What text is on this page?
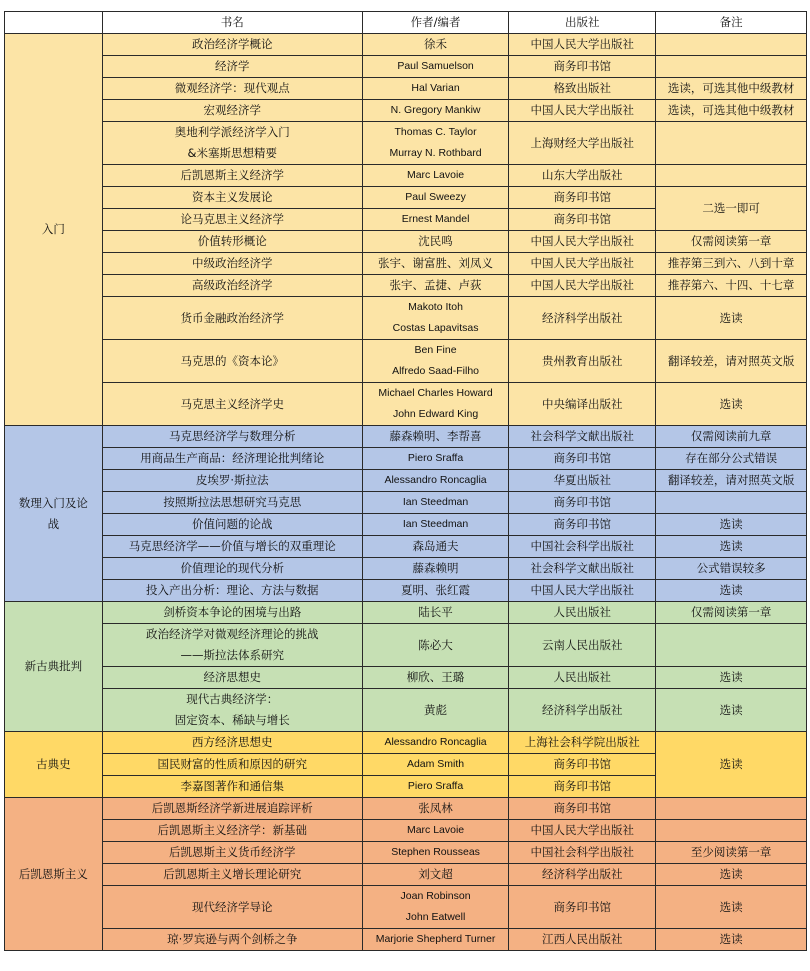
	书名	作者/编者	出版社	备注
入门	政治经济学概论	徐禾	中国人民大学出版社	

	经济学	Paul Samuelson	商务印书馆	

	微观经济学：现代观点	Hal Varian	格致出版社	选读，可选其他中级教材

	宏观经济学	N. Gregory Mankiw	中国人民大学出版社	选读，可选其他中级教材

	奥地利学派经济学入门
&米塞斯思想精要	Thomas C. Taylor
Murray N. Rothbard	上海财经大学出版社	

	后凯恩斯主义经济学	Marc Lavoie	山东大学出版社	

	资本主义发展论	Paul Sweezy	商务印书馆	二选一即可

	论马克思主义经济学	Ernest Mandel	商务印书馆	

	价值转形概论	沈民鸣	中国人民大学出版社	仅需阅读第一章

	中级政治经济学	张宇、谢富胜、刘凤义	中国人民大学出版社	推荐第三到六、八到十章

	高级政治经济学	张宇、孟捷、卢荻	中国人民大学出版社	推荐第六、十四、十七章

	货币金融政治经济学	Makoto Itoh
Costas Lapavitsas	经济科学出版社	选读

	马克思的《资本论》	Ben Fine
Alfredo Saad-Filho	贵州教育出版社	翻译较差，请对照英文版

	马克思主义经济学史	Michael Charles Howard
John Edward King	中央编译出版社	选读

数理入门及论
战	马克思经济学与数理分析	藤森赖明、李帮喜	社会科学文献出版社	仅需阅读前九章

	用商品生产商品：经济理论批判绪论	Piero Sraffa	商务印书馆	存在部分公式错误

	皮埃罗·斯拉法	Alessandro Roncaglia	华夏出版社	翻译较差，请对照英文版

	按照斯拉法思想研究马克思	Ian Steedman	商务印书馆	

	价值问题的论战	Ian Steedman	商务印书馆	选读

	马克思经济学——价值与增长的双重理论	森岛通夫	中国社会科学出版社	选读

	价值理论的现代分析	藤森赖明	社会科学文献出版社	公式错误较多

	投入产出分析：理论、方法与数据	夏明、张红霞	中国人民大学出版社	选读
新古典批判	剑桥资本争论的困境与出路	陆长平	人民出版社	仅需阅读第一章

	政治经济学对微观经济理论的挑战
——斯拉法体系研究	陈必大	云南人民出版社	

	经济思想史	柳欣、王璐	人民出版社	选读

	现代古典经济学：
固定资本、稀缺与增长	黄彪	经济科学出版社	选读
古典史	西方经济思想史	Alessandro Roncaglia	上海社会科学院出版社	选读

	国民财富的性质和原因的研究	Adam Smith	商务印书馆	

	李嘉图著作和通信集	Piero Sraffa	商务印书馆	
后凯恩斯主义	后凯恩斯经济学新进展追踪评析	张凤林	商务印书馆	

	后凯恩斯主义经济学：新基础	Marc Lavoie	中国人民大学出版社	

	后凯恩斯主义货币经济学	Stephen Rousseas	中国社会科学出版社	至少阅读第一章

	后凯恩斯主义增长理论研究	刘文超	经济科学出版社	选读

	现代经济学导论	Joan Robinson
John Eatwell	商务印书馆	选读

	琼·罗宾逊与两个剑桥之争	Marjorie Shepherd Turner	江西人民出版社	选读
